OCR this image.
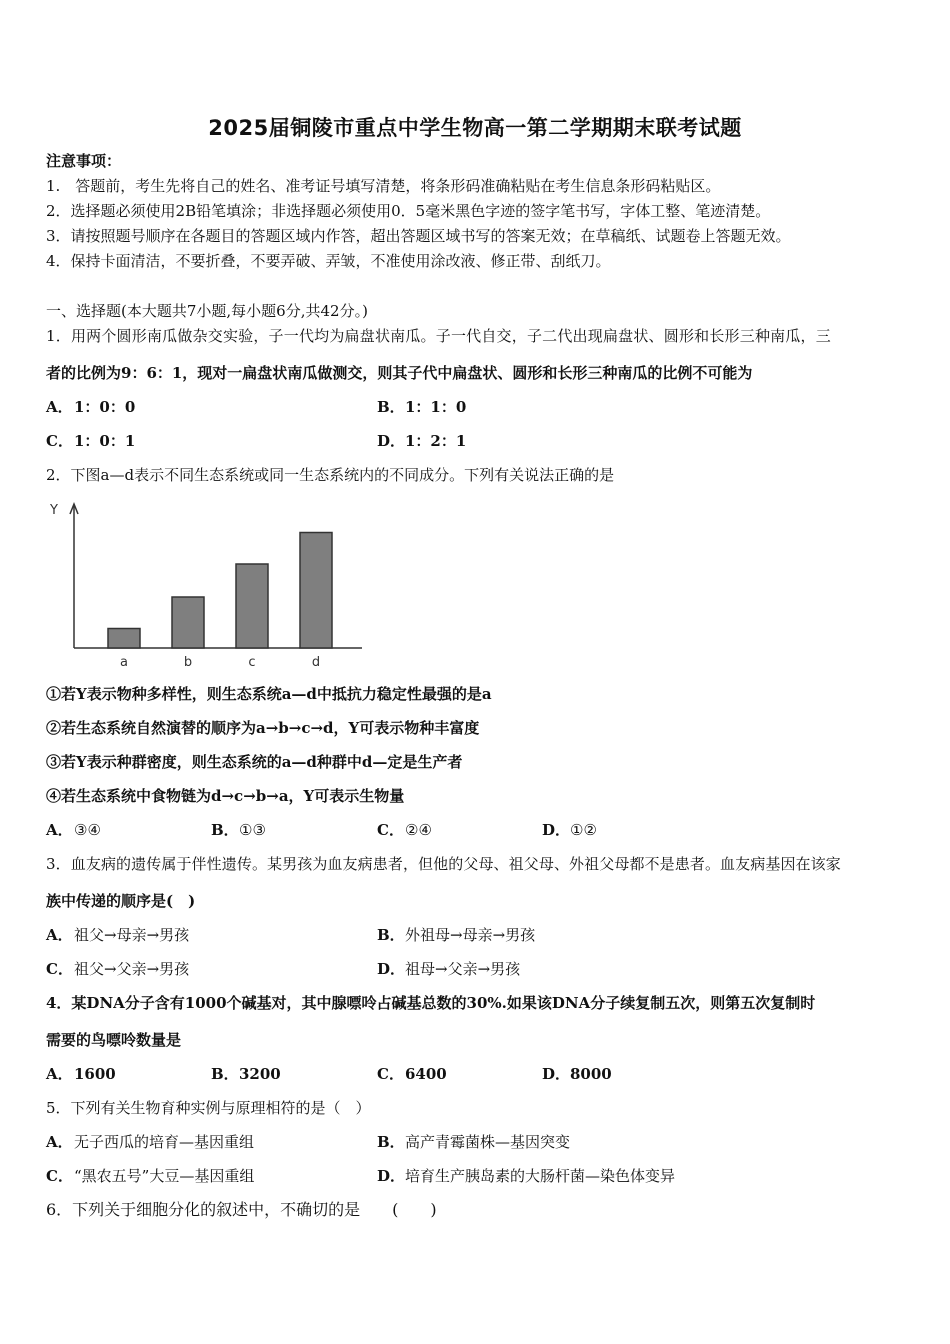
2025届铜陵市重点中学生物高一第二学期期末联考试题
注意事项：
1.　答题前，考生先将自己的姓名、准考证号填写清楚，将条形码准确粘贴在考生信息条形码粘贴区。
2．选择题必须使用2B铅笔填涂；非选择题必须使用0．5毫米黑色字迹的签字笔书写，字体工整、笔迹清楚。
3．请按照题号顺序在各题目的答题区域内作答，超出答题区域书写的答案无效；在草稿纸、试题卷上答题无效。
4．保持卡面清洁，不要折叠，不要弄破、弄皱，不准使用涂改液、修正带、刮纸刀。
一、选择题(本大题共7小题,每小题6分,共42分。)
1．用两个圆形南瓜做杂交实验，子一代均为扁盘状南瓜。子一代自交，子二代出现扁盘状、圆形和长形三种南瓜，三
者的比例为9：6：1，现对一扁盘状南瓜做测交，则其子代中扁盘状、圆形和长形三种南瓜的比例不可能为
A．1：0：0	B．1：1：0
C．1：0：1	D．1：2：1
2．下图a—d表示不同生态系统或同一生态系统内的不同成分。下列有关说法正确的是
Y
a	b	c	d
①若Y表示物种多样性，则生态系统a—d中抵抗力稳定性最强的是a
②若生态系统自然演替的顺序为a→b→c→d，Y可表示物种丰富度
③若Y表示种群密度，则生态系统的a—d种群中d—定是生产者
④若生态系统中食物链为d→c→b→a，Y可表示生物量
A．③④	B．①③	C．②④	D．①②
3．血友病的遗传属于伴性遗传。某男孩为血友病患者，但他的父母、祖父母、外祖父母都不是患者。血友病基因在该家
族中传递的顺序是(　)
A．祖父→母亲→男孩	B．外祖母→母亲→男孩
C．祖父→父亲→男孩	D．祖母→父亲→男孩
4．某DNA分子含有1000个碱基对，其中腺嘌呤占碱基总数的30%.如果该DNA分子续复制五次，则第五次复制时
需要的鸟嘌呤数量是
A．1600	B．3200	C．6400	D．8000
5．下列有关生物育种实例与原理相符的是（　）
A．无子西瓜的培育—基因重组	B．高产青霉菌株—基因突变
C．“黑农五号”大豆—基因重组	D．培育生产胰岛素的大肠杆菌—染色体变异
6．下列关于细胞分化的叙述中，不确切的是　　(　　)
